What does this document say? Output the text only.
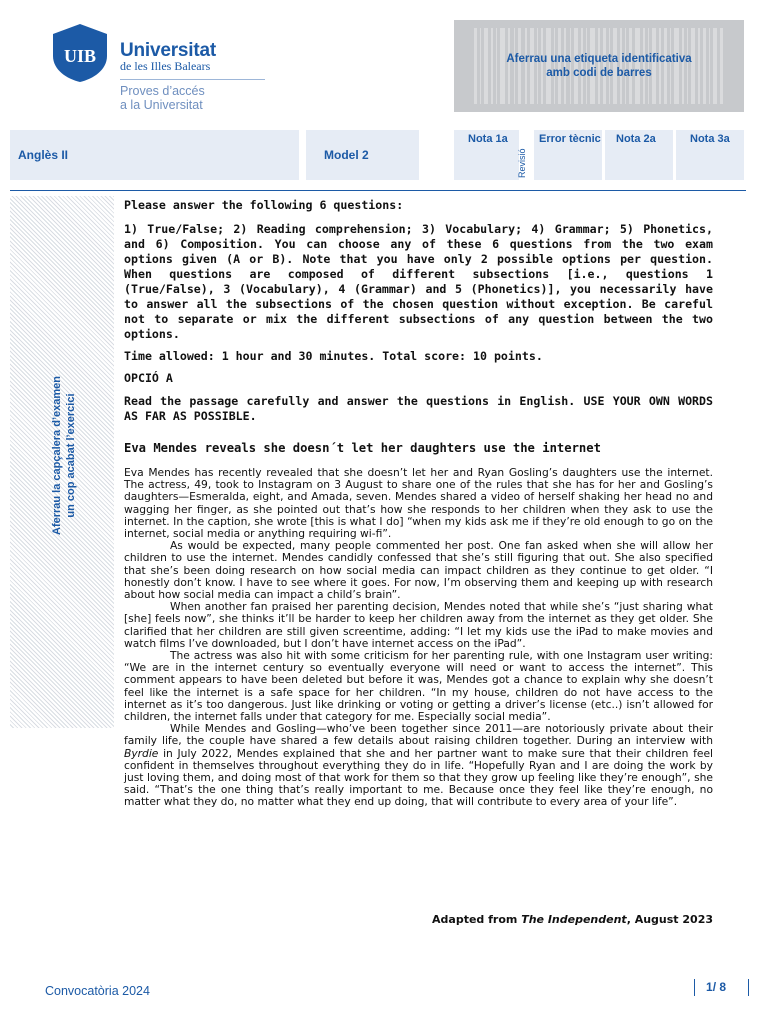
UIB Universitat
de les Illes Balears
Proves d’accés
a la Universitat
Aferrau una etiqueta identificativa
amb codi de barres
Anglès II	Model 2
Nota 1a
Revisió
Error tècnic Nota 2a	Nota 3a
Aferrau la capçalera d’examen un cop acabat l’exercici

Please answer the following 6 questions:

1) True/False; 2) Reading comprehension; 3) Vocabulary; 4) Grammar; 5) Phonetics, and 6) Composition. You can choose any of these 6 questions from the two exam options given (A or B). Note that you have only 2 possible options per question. When questions are composed of different subsections [i.e., questions 1 (True/False), 3 (Vocabulary), 4 (Grammar) and 5 (Phonetics)], you necessarily have to answer all the subsections of the chosen question without exception. Be careful not to separate or mix the different subsections of any question between the two options.

Time allowed: 1 hour and 30 minutes. Total score: 10 points.

OPCIÓ A

Read the passage carefully and answer the questions in English. USE YOUR OWN WORDS AS FAR AS POSSIBLE.

Eva Mendes reveals she doesn´t let her daughters use the internet

Eva Mendes has recently revealed that she doesn’t let her and Ryan Gosling’s daughters use the internet. The actress, 49, took to Instagram on 3 August to share one of the rules that she has for her and Gosling’s daughters—Esmeralda, eight, and Amada, seven. Mendes shared a video of herself shaking her head no and wagging her finger, as she pointed out that’s how she responds to her children when they ask to use the internet. In the caption, she wrote [this is what I do] “when my kids ask me if they’re old enough to go on the internet, social media or anything requiring wi-fi”.

As would be expected, many people commented her post. One fan asked when she will allow her children to use the internet. Mendes candidly confessed that she’s still figuring that out. She also specified that she’s been doing research on how social media can impact children as they continue to get older. “I honestly don’t know. I have to see where it goes. For now, I’m observing them and keeping up with research about how social media can impact a child’s brain”.

When another fan praised her parenting decision, Mendes noted that while she’s “just sharing what [she] feels now”, she thinks it’ll be harder to keep her children away from the internet as they get older. She clarified that her children are still given screentime, adding: “I let my kids use the iPad to make movies and watch films I’ve downloaded, but I don’t have internet access on the iPad”.

The actress was also hit with some criticism for her parenting rule, with one Instagram user writing: “We are in the internet century so eventually everyone will need or want to access the internet”. This comment appears to have been deleted but before it was, Mendes got a chance to explain why she doesn’t feel like the internet is a safe space for her children. “In my house, children do not have access to the internet as it’s too dangerous. Just like drinking or voting or getting a driver’s license (etc..) isn’t allowed for children, the internet falls under that category for me. Especially social media”.

While Mendes and Gosling—who’ve been together since 2011—are notoriously private about their family life, the couple have shared a few details about raising children together. During an interview with Byrdie in July 2022, Mendes explained that she and her partner want to make sure that their children feel confident in themselves throughout everything they do in life. “Hopefully Ryan and I are doing the work by just loving them, and doing most of that work for them so that they grow up feeling like they’re enough”, she said. “That’s the one thing that’s really important to me. Because once they feel like they’re enough, no matter what they do, no matter what they end up doing, that will contribute to every area of your life”.

Adapted from The Independent, August 2023
Convocatòria 2024	1/ 8
